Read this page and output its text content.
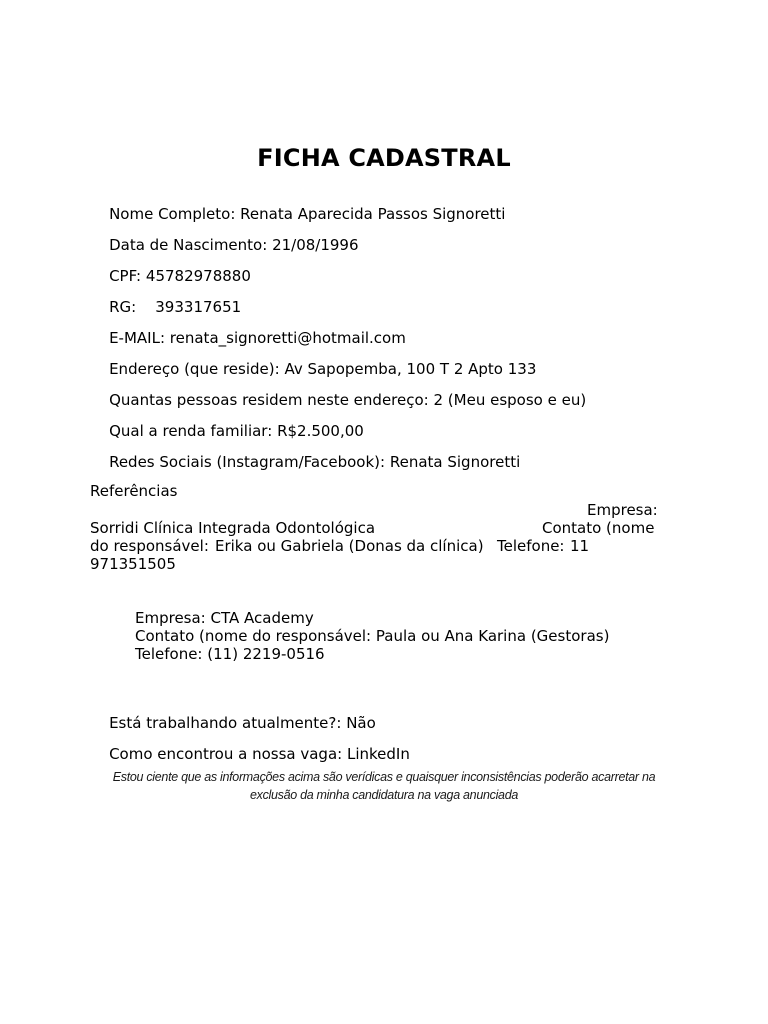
FICHA CADASTRAL

Nome Completo: Renata Aparecida Passos Signoretti

Data de Nascimento: 21/08/1996

CPF: 45782978880

RG: 393317651

E-MAIL: renata_signoretti@hotmail.com

Endereço (que reside): Av Sapopemba, 100 T 2 Apto 133

Quantas pessoas residem neste endereço: 2 (Meu esposo e eu)

Qual a renda familiar: R$2.500,00

Redes Sociais (Instagram/Facebook): Renata Signoretti

Referências
Empresa:
Sorridi Clínica Integrada Odontológica	Contato (nome
do responsável: Erika ou Gabriela (Donas da clínica) Telefone: 11
971351505
Empresa: CTA Academy
Contato (nome do responsável: Paula ou Ana Karina (Gestoras)
Telefone: (11) 2219-0516

Está trabalhando atualmente?: Não

Como encontrou a nossa vaga: LinkedIn

Estou ciente que as informações acima são verídicas e quaisquer inconsistências poderão acarretar na exclusão da minha candidatura na vaga anunciada
